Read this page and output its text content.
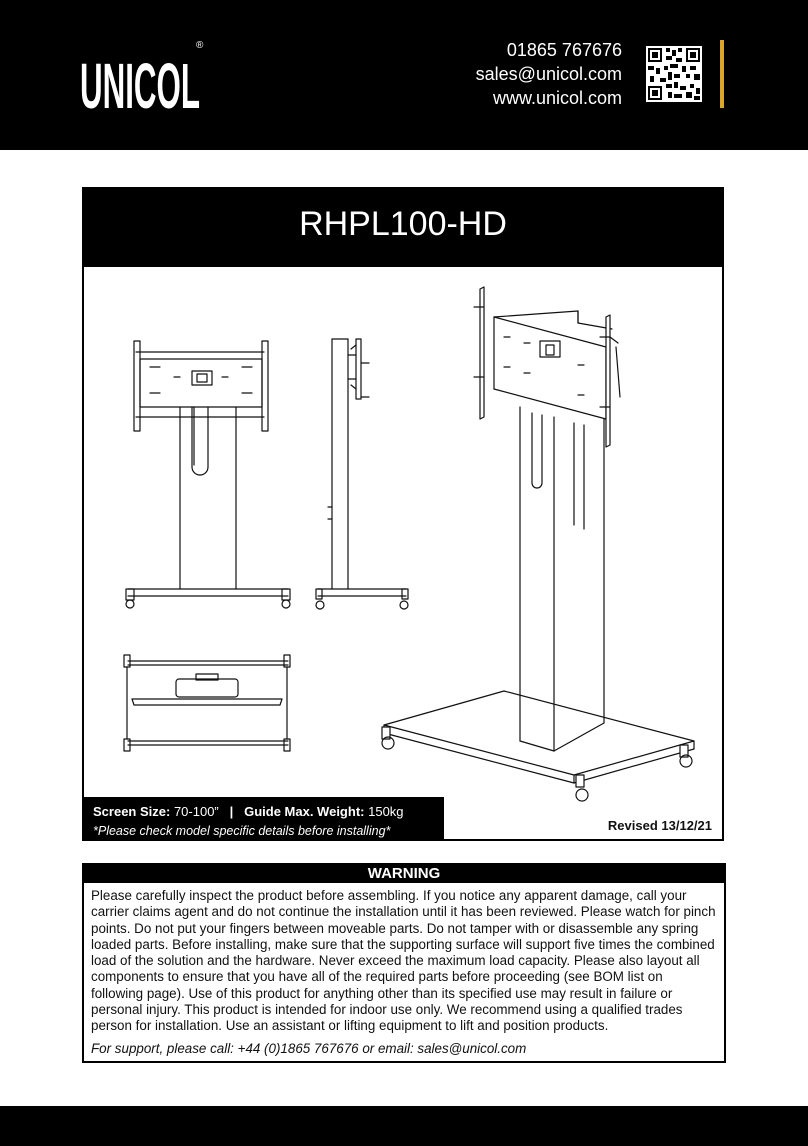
UNICOL
®	01865 767676
sales@unicol.com
www.unicol.com
RHPL100-HD
Screen Size: 70-100” | Guide Max. Weight: 150kg
*Please check model specific details before installing*	Revised 13/12/21
WARNING
Please carefully inspect the product before assembling. If you notice any apparent damage, call your carrier claims agent and do not continue the installation until it has been reviewed. Please watch for pinch points. Do not put your fingers between moveable parts. Do not tamper with or disassemble any spring loaded parts. Before installing, make sure that the supporting surface will support five times the combined load of the solution and the hardware. Never exceed the maximum load capacity. Please also layout all components to ensure that you have all of the required parts before proceeding (see BOM list on following page). Use of this product for anything other than its specified use may result in failure or personal injury. This product is intended for indoor use only. We recommend using a qualified trades person for installation. Use an assistant or lifting equipment to lift and position products.
For support, please call: +44 (0)1865 767676 or email: sales@unicol.com
